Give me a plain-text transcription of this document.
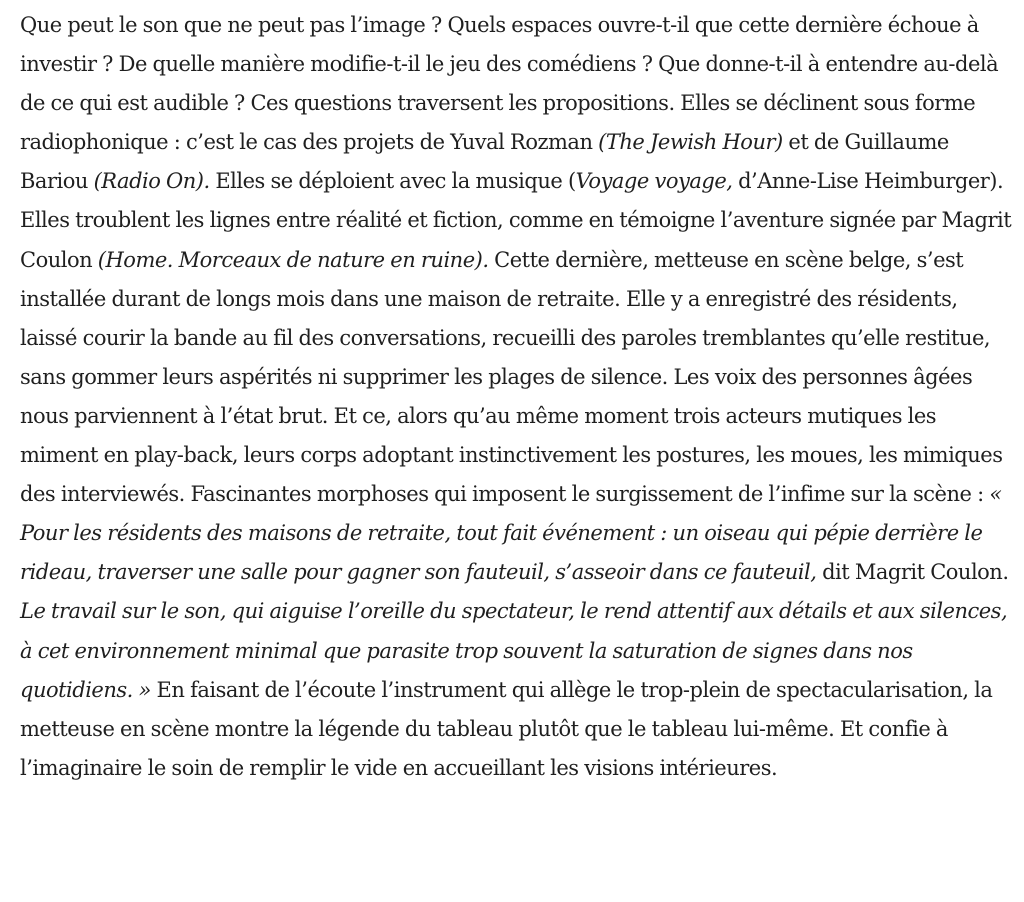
Que peut le son que ne peut pas l’image ? Quels espaces ouvre-t-il que cette dernière échoue à investir ? De quelle manière modifie-t-il le jeu des comédiens ? Que donne-t-il à entendre au-delà de ce qui est audible ? Ces questions traversent les propositions. Elles se déclinent sous forme radiophonique : c’est le cas des projets de Yuval Rozman (The Jewish Hour) et de Guillaume Bariou (Radio On). Elles se déploient avec la musique (Voyage voyage, d’Anne-Lise Heimburger). Elles troublent les lignes entre réalité et fiction, comme en témoigne l’aventure signée par Magrit Coulon (Home. Morceaux de nature en ruine). Cette dernière, metteuse en scène belge, s’est installée durant de longs mois dans une maison de retraite. Elle y a enregistré des résidents, laissé courir la bande au fil des conversations, recueilli des paroles tremblantes qu’elle restitue, sans gommer leurs aspérités ni supprimer les plages de silence. Les voix des personnes âgées nous parviennent à l’état brut. Et ce, alors qu’au même moment trois acteurs mutiques les miment en play-back, leurs corps adoptant instinctivement les postures, les moues, les mimiques des interviewés. Fascinantes morphoses qui imposent le surgissement de l’infime sur la scène : « Pour les résidents des maisons de retraite, tout fait événement : un oiseau qui pépie derrière le rideau, traverser une salle pour gagner son fauteuil, s’asseoir dans ce fauteuil, dit Magrit Coulon. Le travail sur le son, qui aiguise l’oreille du spectateur, le rend attentif aux détails et aux silences, à cet environnement minimal que parasite trop souvent la saturation de signes dans nos quotidiens. » En faisant de l’écoute l’instrument qui allège le trop-plein de spectacularisation, la metteuse en scène montre la légende du tableau plutôt que le tableau lui-même. Et confie à l’imaginaire le soin de remplir le vide en accueillant les visions intérieures.
